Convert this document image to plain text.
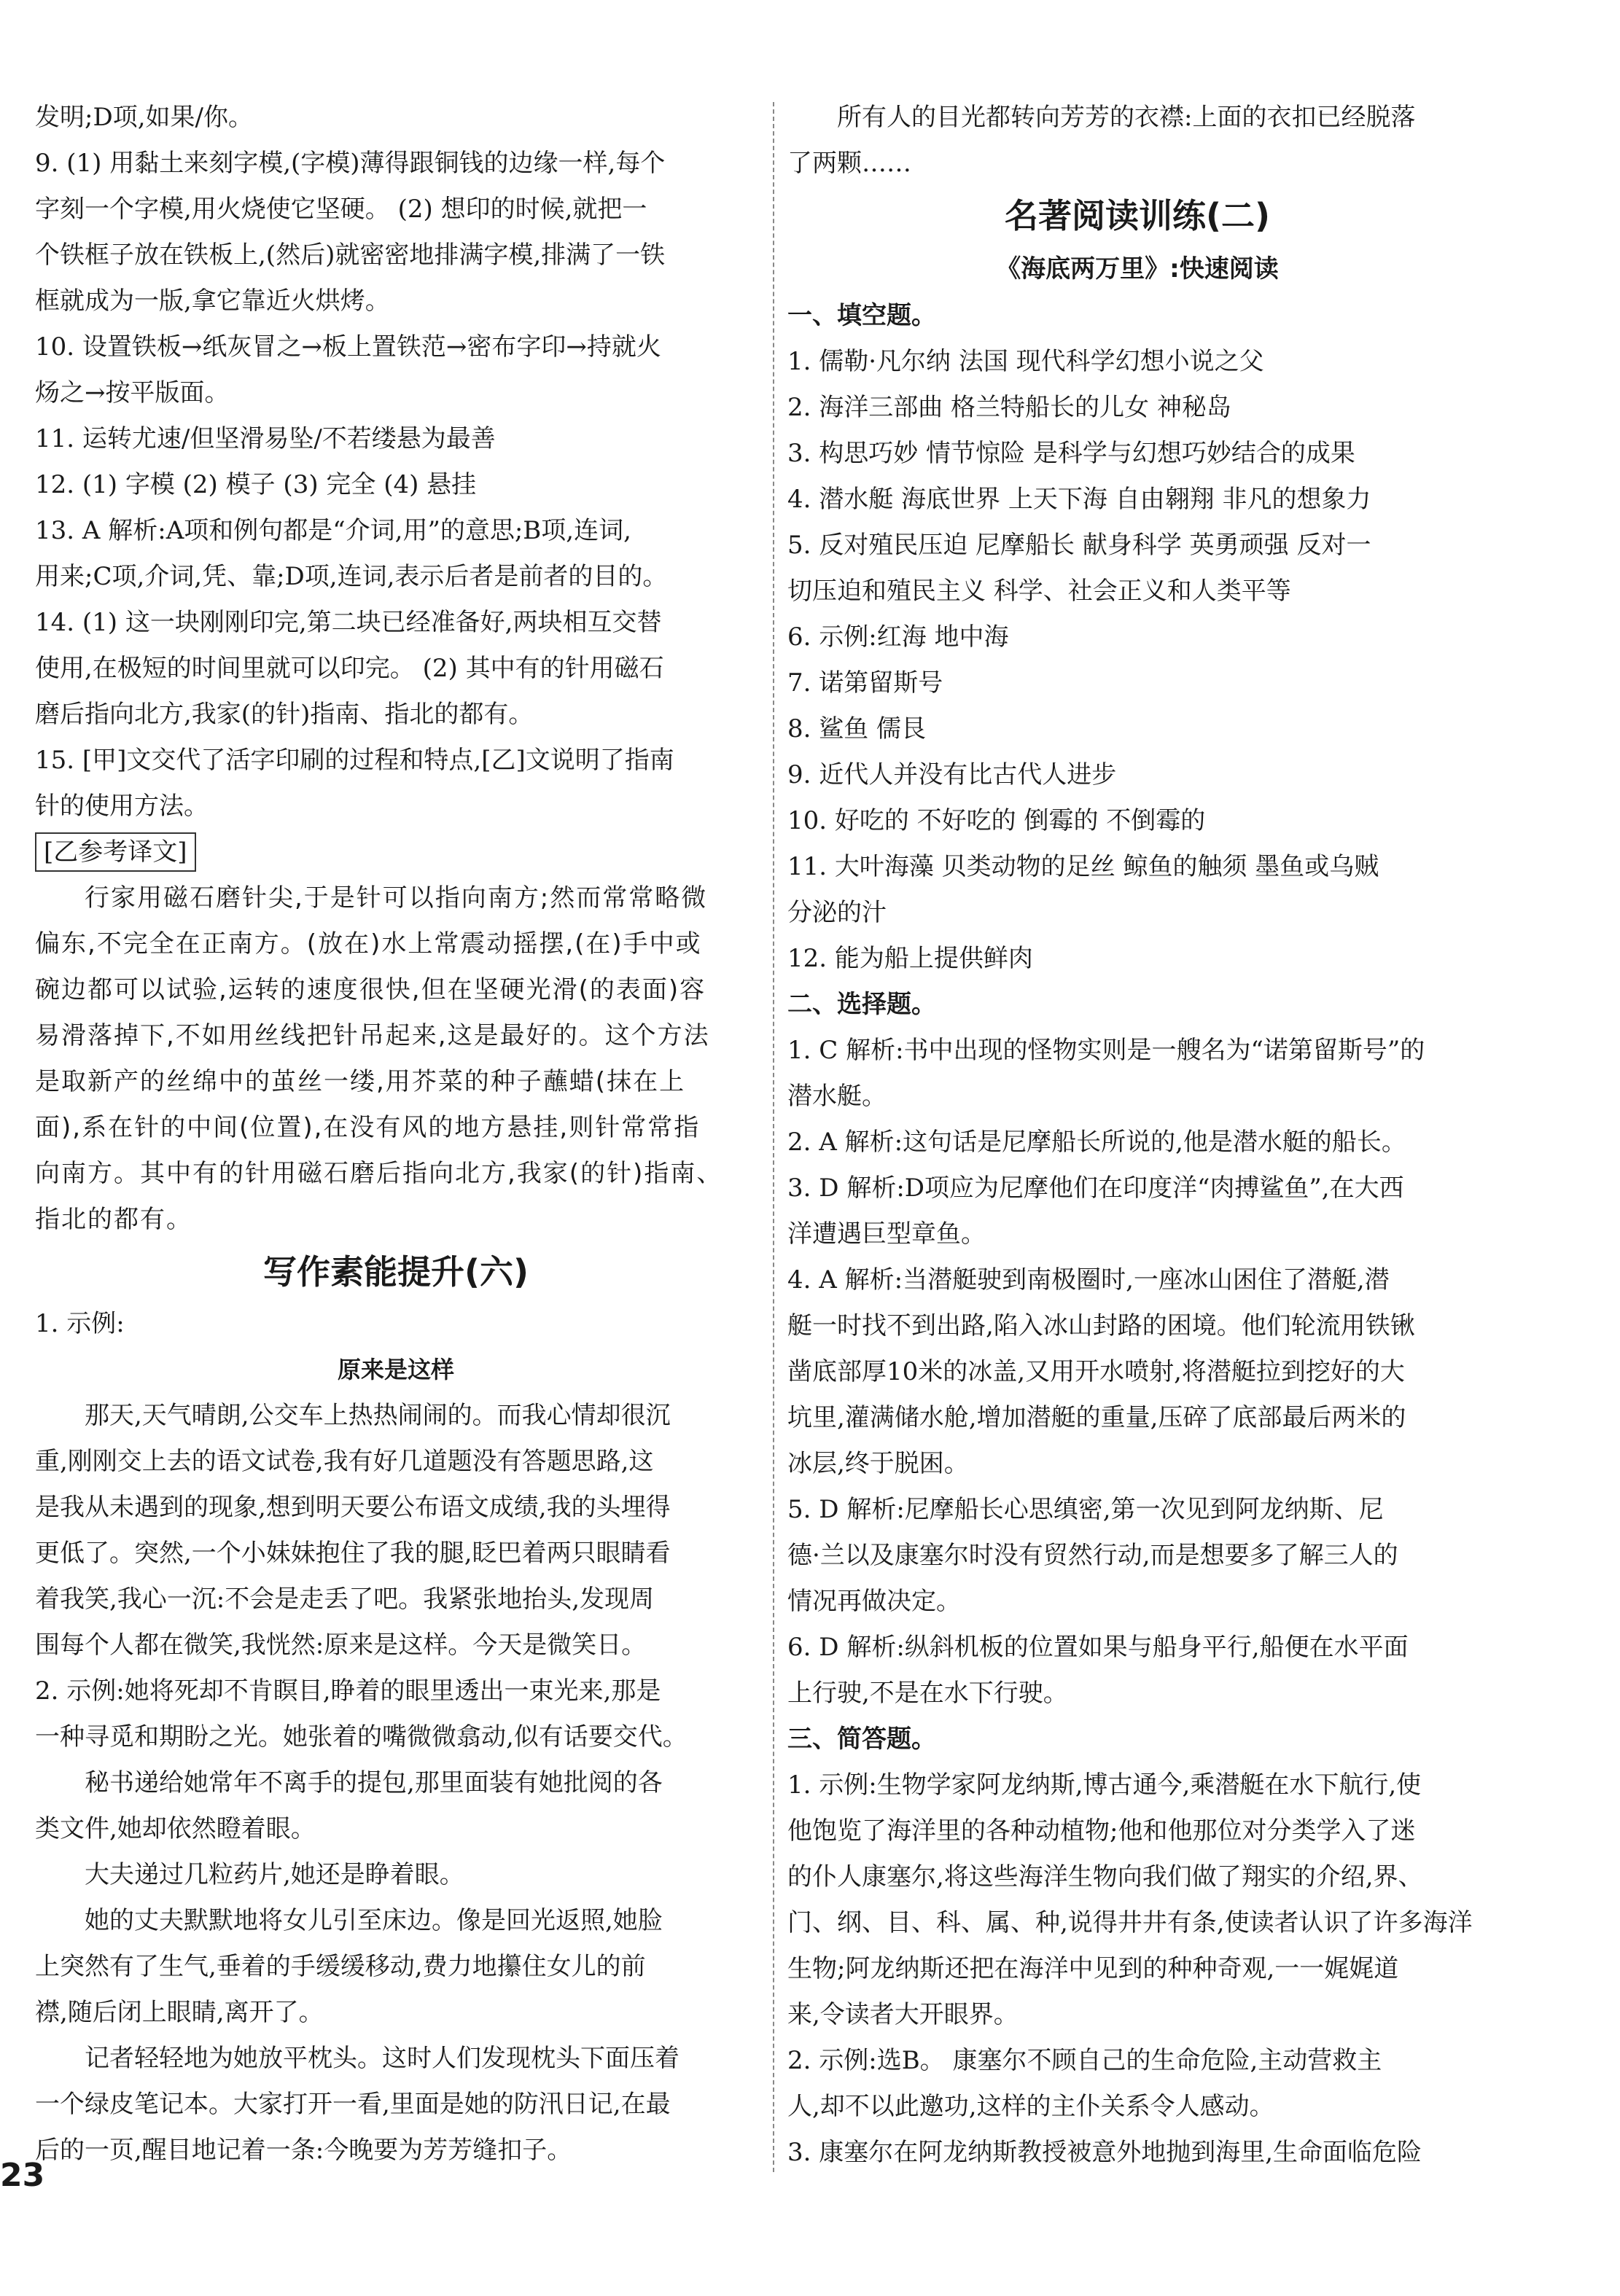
发明;D项,如果/你。
9. (1) 用黏土来刻字模,(字模)薄得跟铜钱的边缘一样,每个
字刻一个字模,用火烧使它坚硬。 (2) 想印的时候,就把一
个铁框子放在铁板上,(然后)就密密地排满字模,排满了一铁
框就成为一版,拿它靠近火烘烤。
10. 设置铁板→纸灰冒之→板上置铁范→密布字印→持就火
炀之→按平版面。
11. 运转尤速/但坚滑易坠/不若缕悬为最善
12. (1) 字模 (2) 模子 (3) 完全 (4) 悬挂
13. A 解析:A项和例句都是“介词,用”的意思;B项,连词,
用来;C项,介词,凭、靠;D项,连词,表示后者是前者的目的。
14. (1) 这一块刚刚印完,第二块已经准备好,两块相互交替
使用,在极短的时间里就可以印完。 (2) 其中有的针用磁石
磨后指向北方,我家(的针)指南、指北的都有。
15. [甲]文交代了活字印刷的过程和特点,[乙]文说明了指南
针的使用方法。
[乙参考译文]
行家用磁石磨针尖,于是针可以指向南方;然而常常略微
偏东,不完全在正南方。(放在)水上常震动摇摆,(在)手中或
碗边都可以试验,运转的速度很快,但在坚硬光滑(的表面)容
易滑落掉下,不如用丝线把针吊起来,这是最好的。这个方法
是取新产的丝绵中的茧丝一缕,用芥菜的种子蘸蜡(抹在上
面),系在针的中间(位置),在没有风的地方悬挂,则针常常指
向南方。其中有的针用磁石磨后指向北方,我家(的针)指南、
指北的都有。
写作素能提升(六)
1. 示例:
原来是这样
那天,天气晴朗,公交车上热热闹闹的。而我心情却很沉
重,刚刚交上去的语文试卷,我有好几道题没有答题思路,这
是我从未遇到的现象,想到明天要公布语文成绩,我的头埋得
更低了。突然,一个小妹妹抱住了我的腿,眨巴着两只眼睛看
着我笑,我心一沉:不会是走丢了吧。我紧张地抬头,发现周
围每个人都在微笑,我恍然:原来是这样。今天是微笑日。
2. 示例:她将死却不肯瞑目,睁着的眼里透出一束光来,那是
一种寻觅和期盼之光。她张着的嘴微微翕动,似有话要交代。
秘书递给她常年不离手的提包,那里面装有她批阅的各
类文件,她却依然瞪着眼。
大夫递过几粒药片,她还是睁着眼。
她的丈夫默默地将女儿引至床边。像是回光返照,她脸
上突然有了生气,垂着的手缓缓移动,费力地攥住女儿的前
襟,随后闭上眼睛,离开了。
记者轻轻地为她放平枕头。这时人们发现枕头下面压着
一个绿皮笔记本。大家打开一看,里面是她的防汛日记,在最
后的一页,醒目地记着一条:今晚要为芳芳缝扣子。
所有人的目光都转向芳芳的衣襟:上面的衣扣已经脱落
了两颗……
名著阅读训练(二)
《海底两万里》:快速阅读
一、填空题。
1. 儒勒·凡尔纳 法国 现代科学幻想小说之父
2. 海洋三部曲 格兰特船长的儿女 神秘岛
3. 构思巧妙 情节惊险 是科学与幻想巧妙结合的成果
4. 潜水艇 海底世界 上天下海 自由翱翔 非凡的想象力
5. 反对殖民压迫 尼摩船长 献身科学 英勇顽强 反对一
切压迫和殖民主义 科学、社会正义和人类平等
6. 示例:红海 地中海
7. 诺第留斯号
8. 鲨鱼 儒艮
9. 近代人并没有比古代人进步
10. 好吃的 不好吃的 倒霉的 不倒霉的
11. 大叶海藻 贝类动物的足丝 鲸鱼的触须 墨鱼或乌贼
分泌的汁
12. 能为船上提供鲜肉
二、选择题。
1. C 解析:书中出现的怪物实则是一艘名为“诺第留斯号”的
潜水艇。
2. A 解析:这句话是尼摩船长所说的,他是潜水艇的船长。
3. D 解析:D项应为尼摩他们在印度洋“肉搏鲨鱼”,在大西
洋遭遇巨型章鱼。
4. A 解析:当潜艇驶到南极圈时,一座冰山困住了潜艇,潜
艇一时找不到出路,陷入冰山封路的困境。他们轮流用铁锹
凿底部厚10米的冰盖,又用开水喷射,将潜艇拉到挖好的大
坑里,灌满储水舱,增加潜艇的重量,压碎了底部最后两米的
冰层,终于脱困。
5. D 解析:尼摩船长心思缜密,第一次见到阿龙纳斯、尼
德·兰以及康塞尔时没有贸然行动,而是想要多了解三人的
情况再做决定。
6. D 解析:纵斜机板的位置如果与船身平行,船便在水平面
上行驶,不是在水下行驶。
三、简答题。
1. 示例:生物学家阿龙纳斯,博古通今,乘潜艇在水下航行,使
他饱览了海洋里的各种动植物;他和他那位对分类学入了迷
的仆人康塞尔,将这些海洋生物向我们做了翔实的介绍,界、
门、纲、目、科、属、种,说得井井有条,使读者认识了许多海洋
生物;阿龙纳斯还把在海洋中见到的种种奇观,一一娓娓道
来,令读者大开眼界。
2. 示例:选B。 康塞尔不顾自己的生命危险,主动营救主
人,却不以此邀功,这样的主仆关系令人感动。
3. 康塞尔在阿龙纳斯教授被意外地抛到海里,生命面临危险
23
